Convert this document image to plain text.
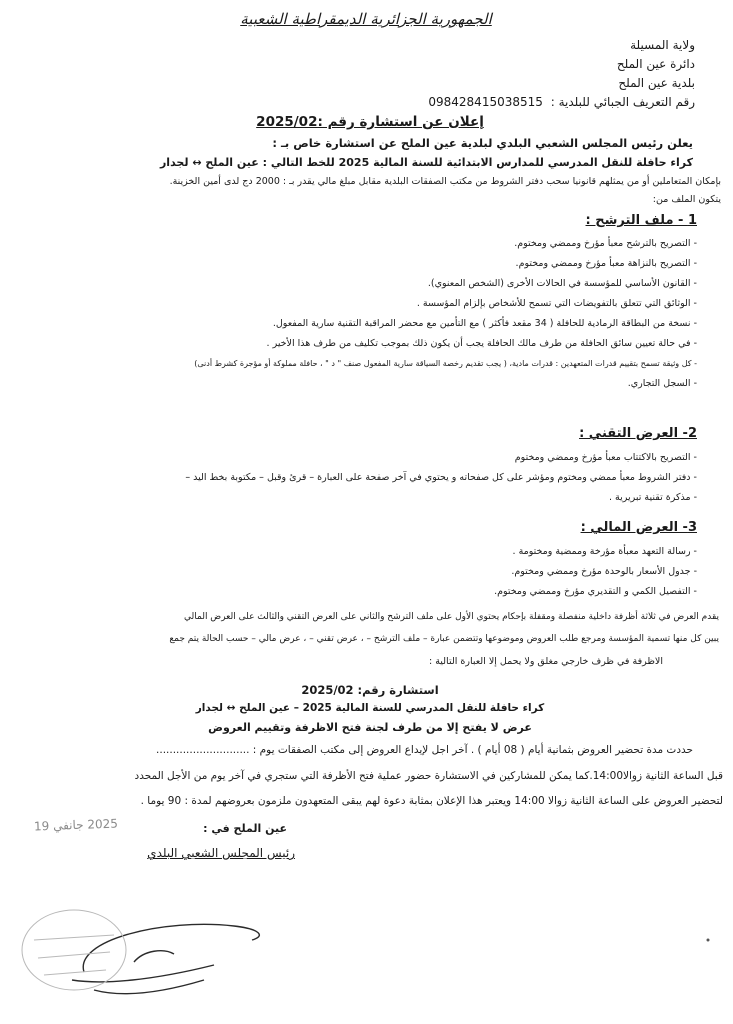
الجمهورية الجزائرية الديمقراطية الشعبية
ولاية المسيلة
دائرة عين الملح
بلدية عين الملح
رقم التعريف الجبائي للبلدية : 098428415038515
إعلان عن استشارة رقم :2025/02
يعلن رئيس المجلس الشعبي البلدي لبلدية عين الملح عن استشارة خاص بـ :
كراء حافلة للنقل المدرسي للمدارس الابتدائية للسنة المالية 2025 للخط التالي : عين الملح ↔ لجدار
بإمكان المتعاملين أو من يمثلهم قانونيا سحب دفتر الشروط من مكتب الصفقات البلدية مقابل مبلغ مالي يقدر بـ : 2000 دج لدى أمين الخزينة.
يتكون الملف من:
1 - ملف الترشح :
- التصريح بالترشح معبأ مؤرخ وممضي ومختوم.
- التصريح بالنزاهة معبأ مؤرخ وممضي ومختوم.
- القانون الأساسي للمؤسسة في الحالات الأخرى (الشخص المعنوي).
- الوثائق التي تتعلق بالتفويضات التي تسمح للأشخاص بإلزام المؤسسة .
- نسخة من البطاقة الرمادية للحافلة ( 34 مقعد فأكثر ) مع التأمين مع محضر المراقبة التقنية سارية المفعول.
- في حالة تعيين سائق الحافلة من طرف مالك الحافلة يجب أن يكون ذلك بموجب تكليف من طرف هذا الأخير .
- كل وثيقة تسمح بتقييم قدرات المتعهدين : قدرات مادية، ( يجب تقديم رخصة السياقة سارية المفعول صنف " د " ، حافلة مملوكة أو مؤجرة كشرط أدنى)
- السجل التجاري.
2- العرض التقني :
- التصريح بالاكتتاب معبأ مؤرخ وممضي ومختوم
- دفتر الشروط معبأ ممضي ومختوم ومؤشر على كل صفحاته و يحتوي في آخر صفحة على العبارة – قرئ وقبل – مكتوبة بخط اليد –
- مذكرة تقنية تبريرية .
3- العرض المالي :
- رسالة التعهد معبأة مؤرخة وممضية ومختومة .
- جدول الأسعار بالوحدة مؤرخ وممضي ومختوم.
- التفصيل الكمي و التقديري مؤرخ وممضي ومختوم.
يقدم العرض في ثلاثة أظرفة داخلية منفصلة ومقفلة بإحكام يحتوي الأول على ملف الترشح والثاني على العرض التقني والثالث على العرض المالي
يبين كل منها تسمية المؤسسة ومرجع طلب العروض وموضوعها وتتضمن عبارة – ملف الترشح – ، عرض تقني – ، عرض مالي – حسب الحالة يتم جمع
الاظرفة في ظرف خارجي مغلق ولا يحمل إلا العبارة التالية :
استشارة رقم: 2025/02
كراء حافلة للنقل المدرسي للسنة المالية 2025 – عين الملح ↔ لجدار
عرض لا يفتح إلا من طرف لجنة فتح الاظرفة وتقييم العروض
حددت مدة تحضير العروض بثمانية أيام ( 08 أيام ) . آخر اجل لإيداع العروض إلى مكتب الصفقات يوم : ............................
قبل الساعة الثانية زوالا14:00.كما يمكن للمشاركين في الاستشارة حضور عملية فتح الأظرفة التي ستجري في آخر يوم من الأجل المحدد
لتحضير العروض على الساعة الثانية زوالا 14:00 ويعتبر هذا الإعلان بمثابة دعوة لهم يبقى المتعهدون ملزمون بعروضهم لمدة : 90 يوما .
2025 جانفي 19	عين الملح في :
رئيس المجلس الشعبي البلدي
